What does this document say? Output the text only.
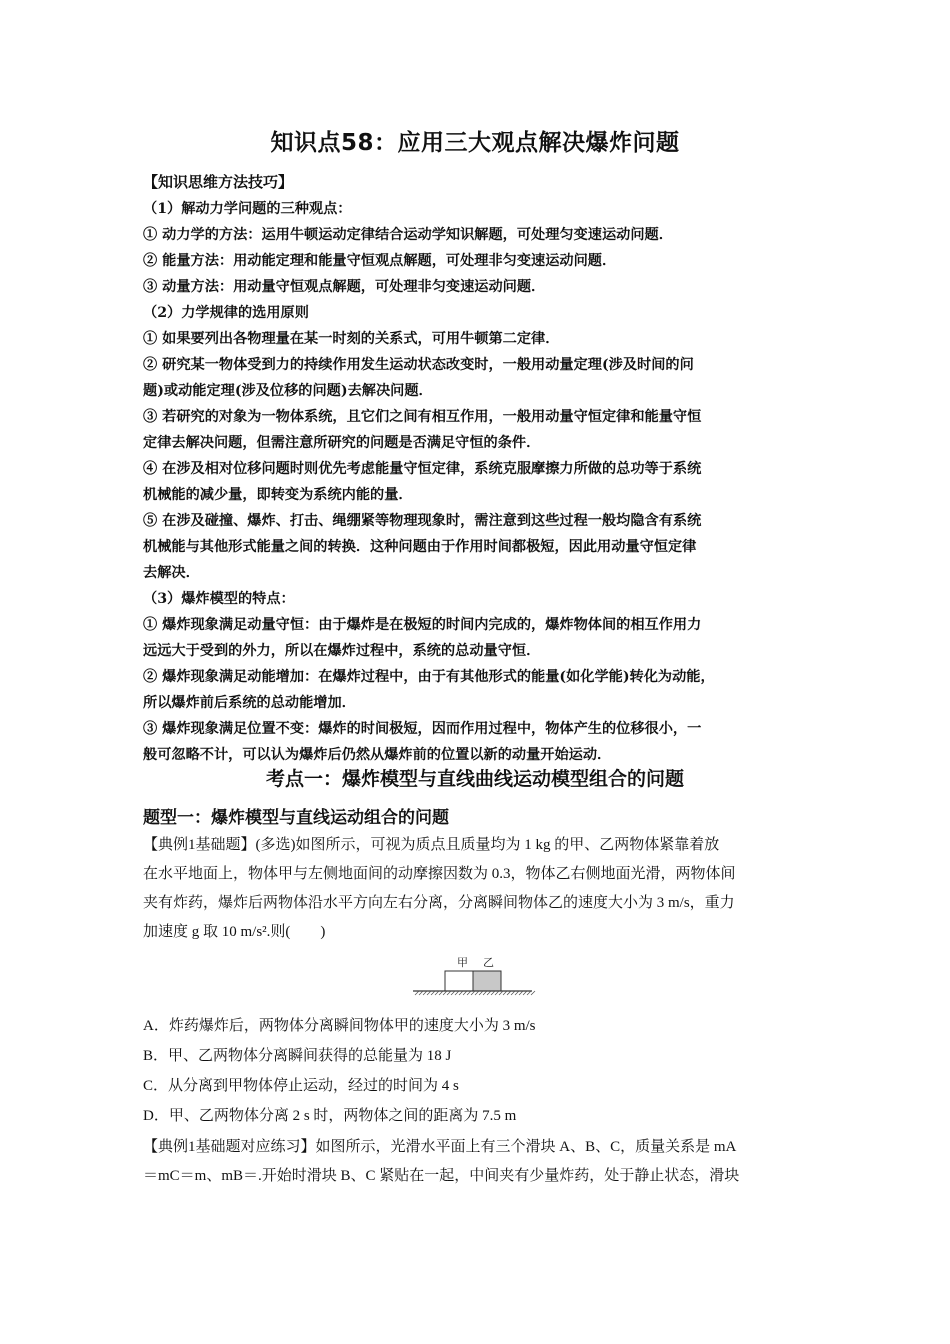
知识点58：应用三大观点解决爆炸问题
【知识思维方法技巧】
（1）解动力学问题的三种观点：
① 动力学的方法：运用牛顿运动定律结合运动学知识解题，可处理匀变速运动问题．
② 能量方法：用动能定理和能量守恒观点解题，可处理非匀变速运动问题．
③ 动量方法：用动量守恒观点解题，可处理非匀变速运动问题．
（2）力学规律的选用原则
① 如果要列出各物理量在某一时刻的关系式，可用牛顿第二定律．
② 研究某一物体受到力的持续作用发生运动状态改变时，一般用动量定理(涉及时间的问
题)或动能定理(涉及位移的问题)去解决问题．
③ 若研究的对象为一物体系统，且它们之间有相互作用，一般用动量守恒定律和能量守恒
定律去解决问题，但需注意所研究的问题是否满足守恒的条件．
④ 在涉及相对位移问题时则优先考虑能量守恒定律，系统克服摩擦力所做的总功等于系统
机械能的减少量，即转变为系统内能的量．
⑤ 在涉及碰撞、爆炸、打击、绳绷紧等物理现象时，需注意到这些过程一般均隐含有系统
机械能与其他形式能量之间的转换．这种问题由于作用时间都极短，因此用动量守恒定律
去解决．
（3）爆炸模型的特点：
① 爆炸现象满足动量守恒：由于爆炸是在极短的时间内完成的，爆炸物体间的相互作用力
远远大于受到的外力，所以在爆炸过程中，系统的总动量守恒．
② 爆炸现象满足动能增加：在爆炸过程中，由于有其他形式的能量(如化学能)转化为动能，
所以爆炸前后系统的总动能增加．
③ 爆炸现象满足位置不变：爆炸的时间极短，因而作用过程中，物体产生的位移很小，一
般可忽略不计，可以认为爆炸后仍然从爆炸前的位置以新的动量开始运动．
考点一：爆炸模型与直线曲线运动模型组合的问题
题型一：爆炸模型与直线运动组合的问题
【典例1基础题】(多选)如图所示，可视为质点且质量均为 1 kg 的甲、乙两物体紧靠着放
在水平地面上，物体甲与左侧地面间的动摩擦因数为 0.3，物体乙右侧地面光滑，两物体间
夹有炸药，爆炸后两物体沿水平方向左右分离，分离瞬间物体乙的速度大小为 3 m/s，重力
加速度 g 取 10 m/s².则(　　)
甲 乙
A．炸药爆炸后，两物体分离瞬间物体甲的速度大小为 3 m/s
B．甲、乙两物体分离瞬间获得的总能量为 18 J
C．从分离到甲物体停止运动，经过的时间为 4 s
D．甲、乙两物体分离 2 s 时，两物体之间的距离为 7.5 m
【典例1基础题对应练习】如图所示，光滑水平面上有三个滑块 A、B、C，质量关系是 mA
＝mC＝m、mB＝.开始时滑块 B、C 紧贴在一起，中间夹有少量炸药，处于静止状态，滑块
